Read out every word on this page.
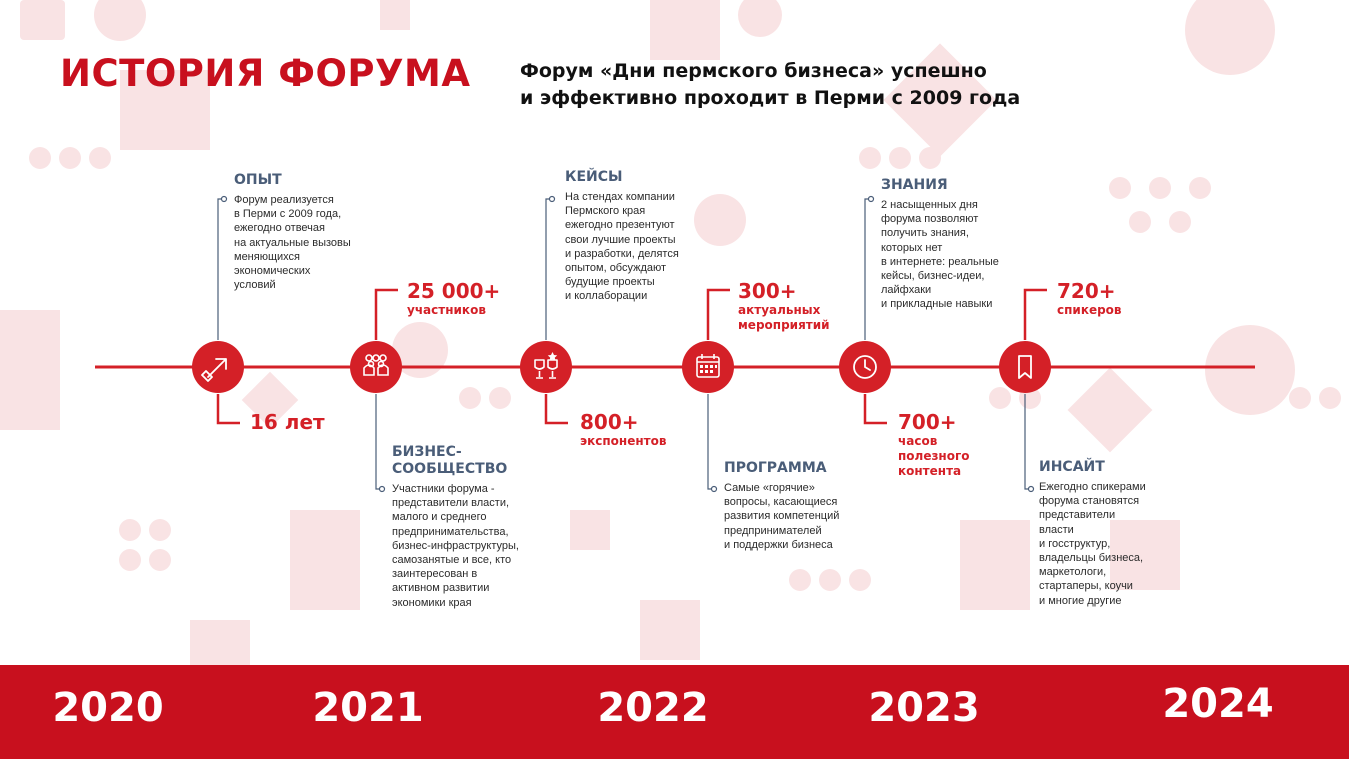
ИСТОРИЯ ФОРУМА	Форум «Дни пермского бизнеса» успешно
и эффективно проходит в Перми с 2009 года
ОПЫТ
Форум реализуется
в Перми с 2009 года,
ежегодно отвечая
на актуальные вызовы
меняющихся
экономических
условий
БИЗНЕС-
СООБЩЕСТВО
Участники форума -
представители власти,
малого и среднего
предпринимательства,
бизнес-инфраструктуры,
самозанятые и все, кто
заинтересован в
активном развитии
экономики края
КЕЙСЫ
На стендах компании
Пермского края
ежегодно презентуют
свои лучшие проекты
и разработки, делятся
опытом, обсуждают
будущие проекты
и коллаборации
ПРОГРАММА
Самые «горячие»
вопросы, касающиеся
развития компетенций
предпринимателей
и поддержки бизнеса
ЗНАНИЯ
2 насыщенных дня
форума позволяют
получить знания,
которых нет
в интернете: реальные
кейсы, бизнес-идеи,
лайфхаки
и прикладные навыки
ИНСАЙТ
Ежегодно спикерами
форума становятся
представители
власти
и госструктур,
владельцы бизнеса,
маркетологи,
стартаперы, коучи
и многие другие
16 лет
25 000+
участников
800+
экспонентов
300+
актуальных
мероприятий
700+
часов
полезного
контента
720+
спикеров
2020	2021	2022	2023	2024
